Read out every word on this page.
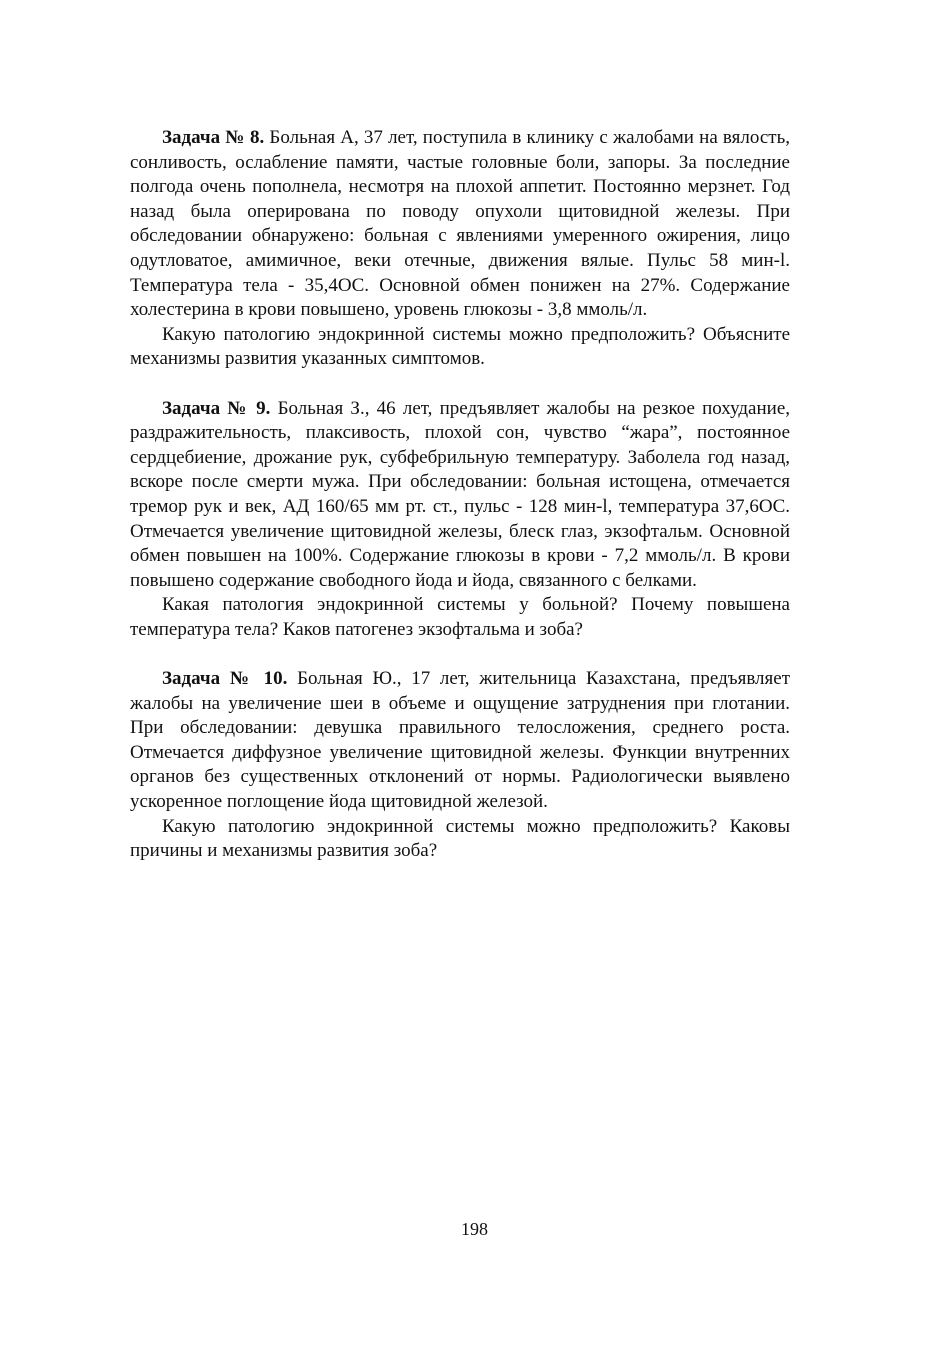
Задача № 8. Больная А, 37 лет, поступила в клинику с жалобами на вялость, сонливость, ослабление памяти, частые головные боли, запоры. За последние полгода очень пополнела, несмотря на плохой аппетит. Постоянно мерзнет. Год назад была оперирована по поводу опухоли щитовидной железы. При обследовании обнаружено: больная с явлениями умеренного ожирения, лицо одутловатое, амимичное, веки отечные, движения вялые. Пульс 58 мин-l. Температура тела - 35,4OC. Основной обмен понижен на 27%. Содержание холестерина в крови повышено, уровень глюкозы - 3,8 ммоль/л.

Какую патологию эндокринной системы можно предположить? Объясните механизмы развития указанных симптомов.

Задача № 9. Больная З., 46 лет, предъявляет жалобы на резкое похудание, раздражительность, плаксивость, плохой сон, чувство “жара”, постоянное сердцебиение, дрожание рук, субфебрильную температуру. Заболела год назад, вскоре после смерти мужа. При обследовании: больная истощена, отмечается тремор рук и век, АД 160/65 мм рт. ст., пульс - 128 мин-l, температура 37,6OC. Отмечается увеличение щитовидной железы, блеск глаз, экзофтальм. Основной обмен повышен на 100%. Содержание глюкозы в крови - 7,2 ммоль/л. В крови повышено содержание свободного йода и йода, связанного с белками.

Какая патология эндокринной системы у больной? Почему повышена температура тела? Каков патогенез экзофтальма и зоба?

Задача № 10. Больная Ю., 17 лет, жительница Казахстана, предъявляет жалобы на увеличение шеи в объеме и ощущение затруднения при глотании. При обследовании: девушка правильного телосложения, среднего роста. Отмечается диффузное увеличение щитовидной железы. Функции внутренних органов без существенных отклонений от нормы. Радиологически выявлено ускоренное поглощение йода щитовидной железой.

Какую патологию эндокринной системы можно предположить? Каковы причины и механизмы развития зоба?

198
